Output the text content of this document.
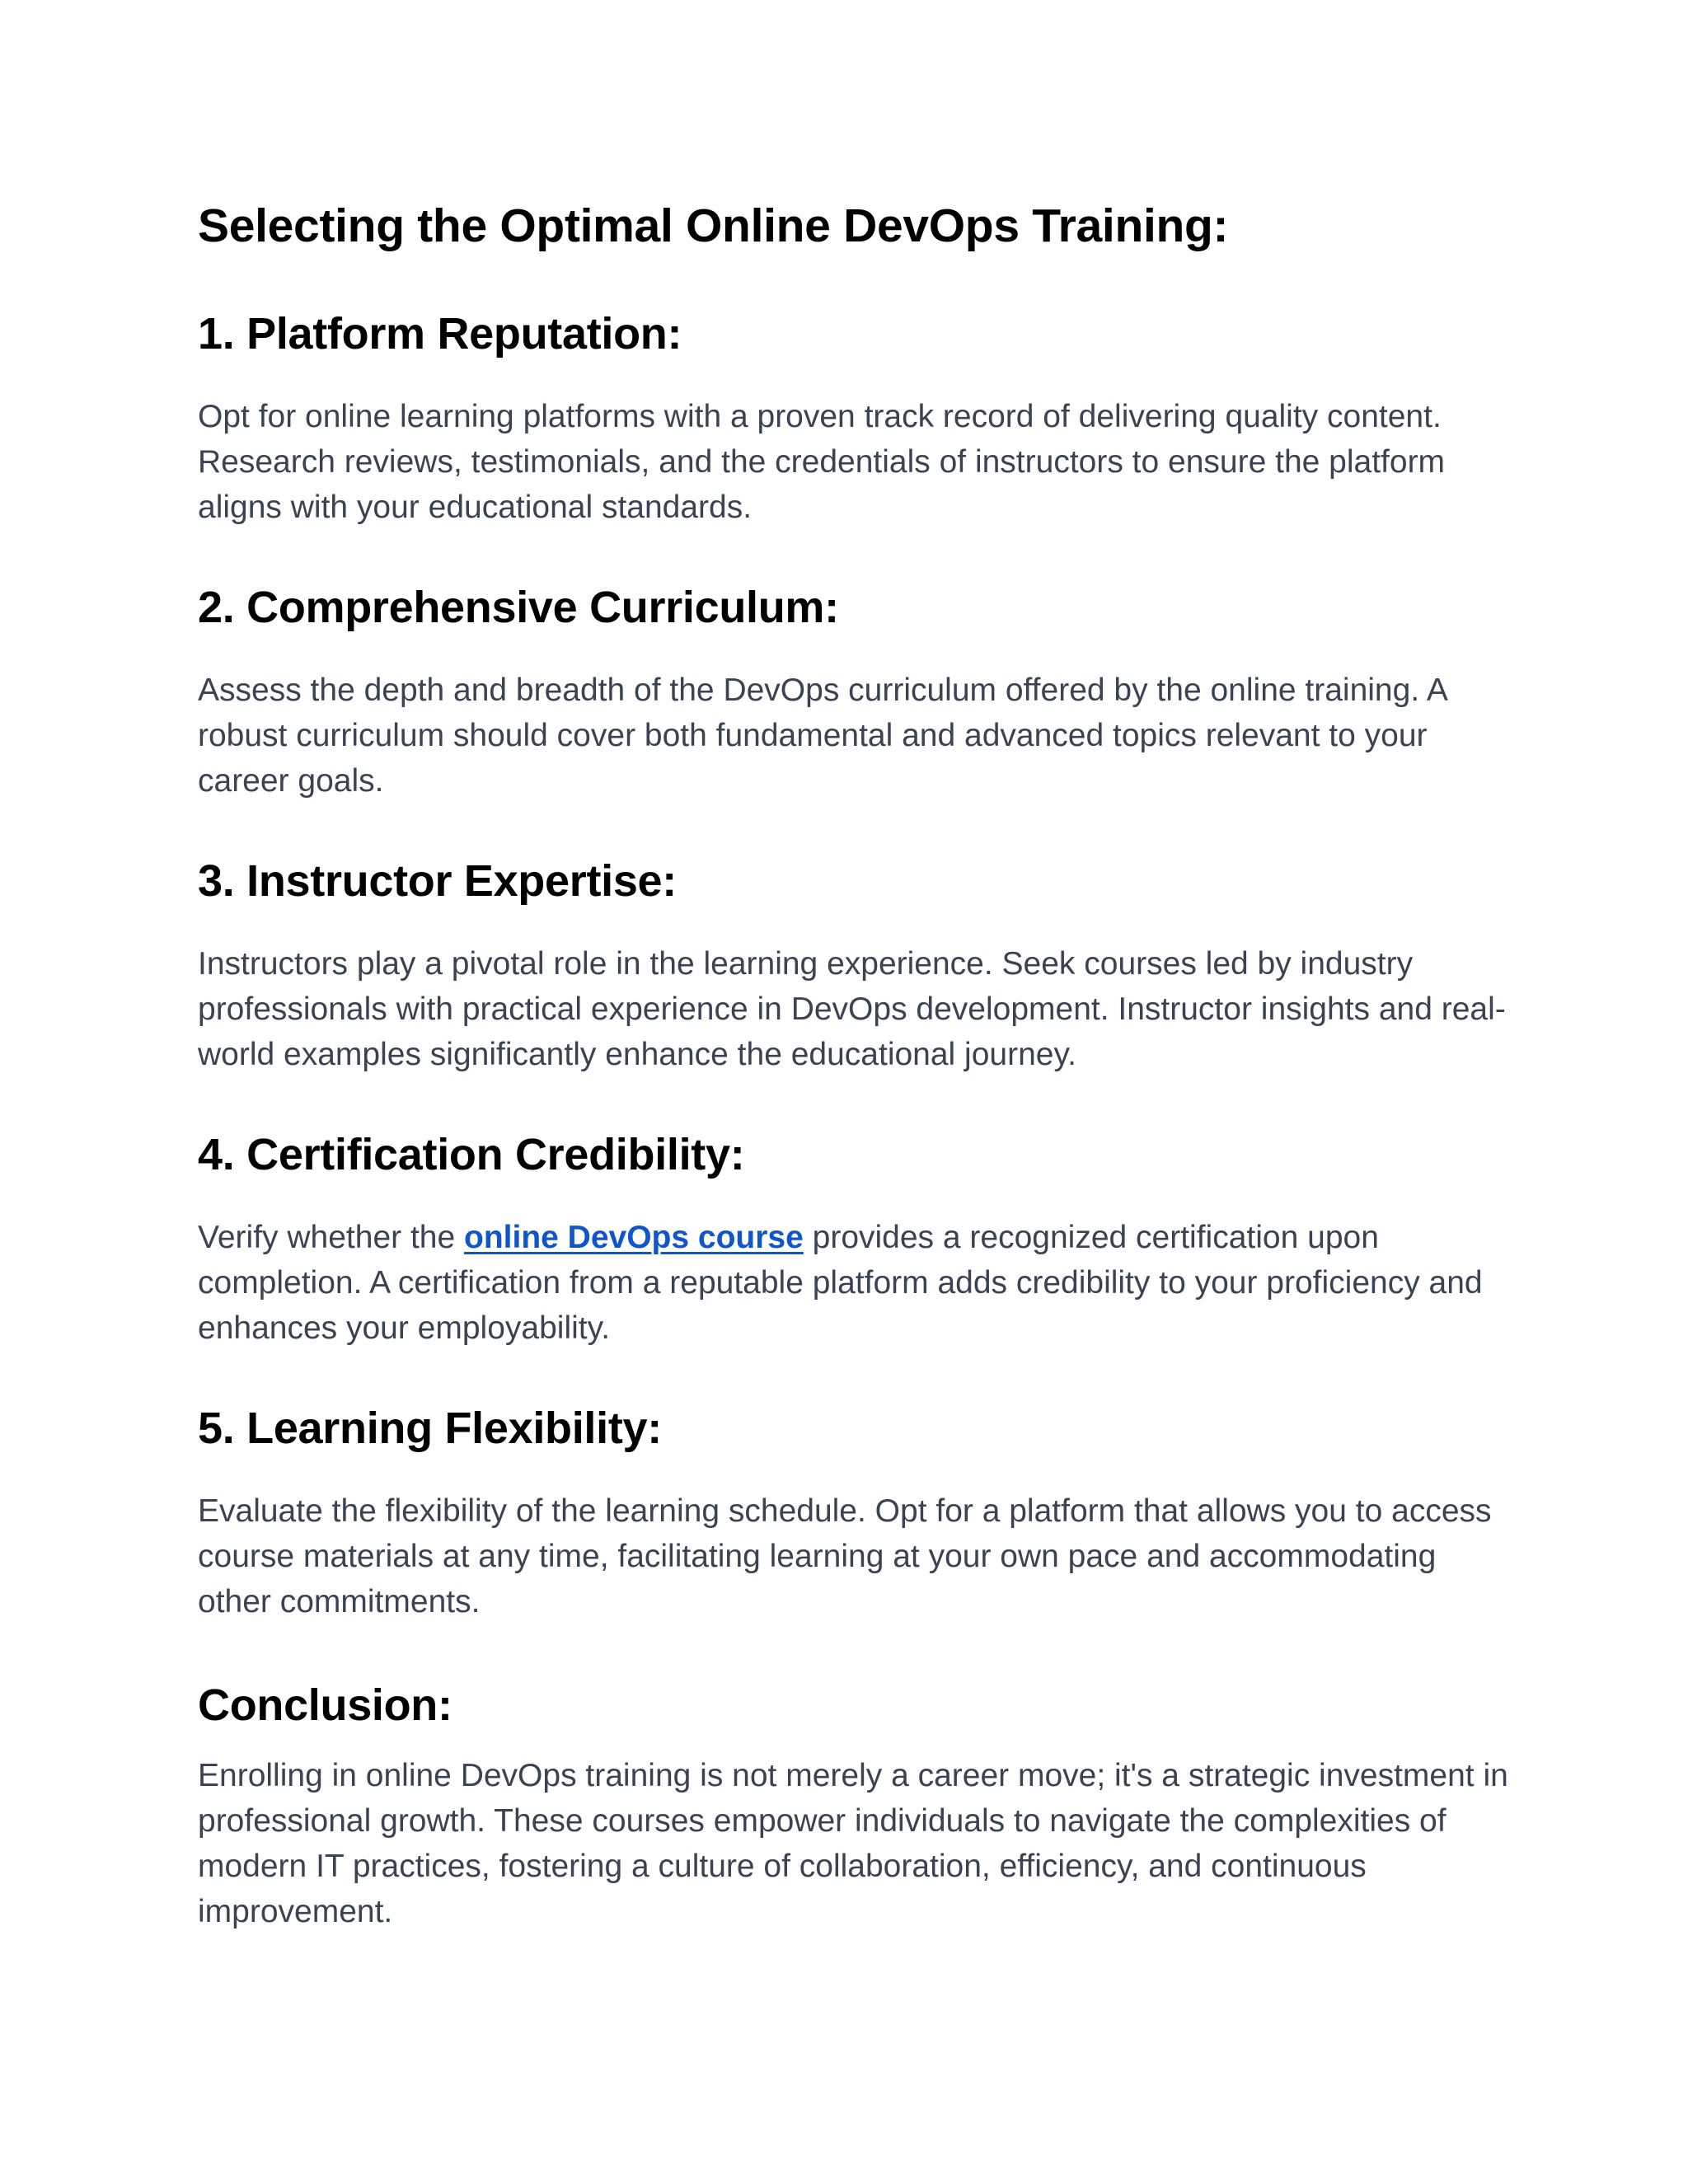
Selecting the Optimal Online DevOps Training:
1. Platform Reputation:

Opt for online learning platforms with a proven track record of delivering quality content. Research reviews, testimonials, and the credentials of instructors to ensure the platform aligns with your educational standards.

2. Comprehensive Curriculum:

Assess the depth and breadth of the DevOps curriculum offered by the online training. A robust curriculum should cover both fundamental and advanced topics relevant to your career goals.

3. Instructor Expertise:

Instructors play a pivotal role in the learning experience. Seek courses led by industry professionals with practical experience in DevOps development. Instructor insights and real-world examples significantly enhance the educational journey.

4. Certification Credibility:

Verify whether the online DevOps course provides a recognized certification upon completion. A certification from a reputable platform adds credibility to your proficiency and enhances your employability.

5. Learning Flexibility:

Evaluate the flexibility of the learning schedule. Opt for a platform that allows you to access course materials at any time, facilitating learning at your own pace and accommodating other commitments.

Conclusion:

Enrolling in online DevOps training is not merely a career move; it's a strategic investment in professional growth. These courses empower individuals to navigate the complexities of modern IT practices, fostering a culture of collaboration, efficiency, and continuous improvement.
